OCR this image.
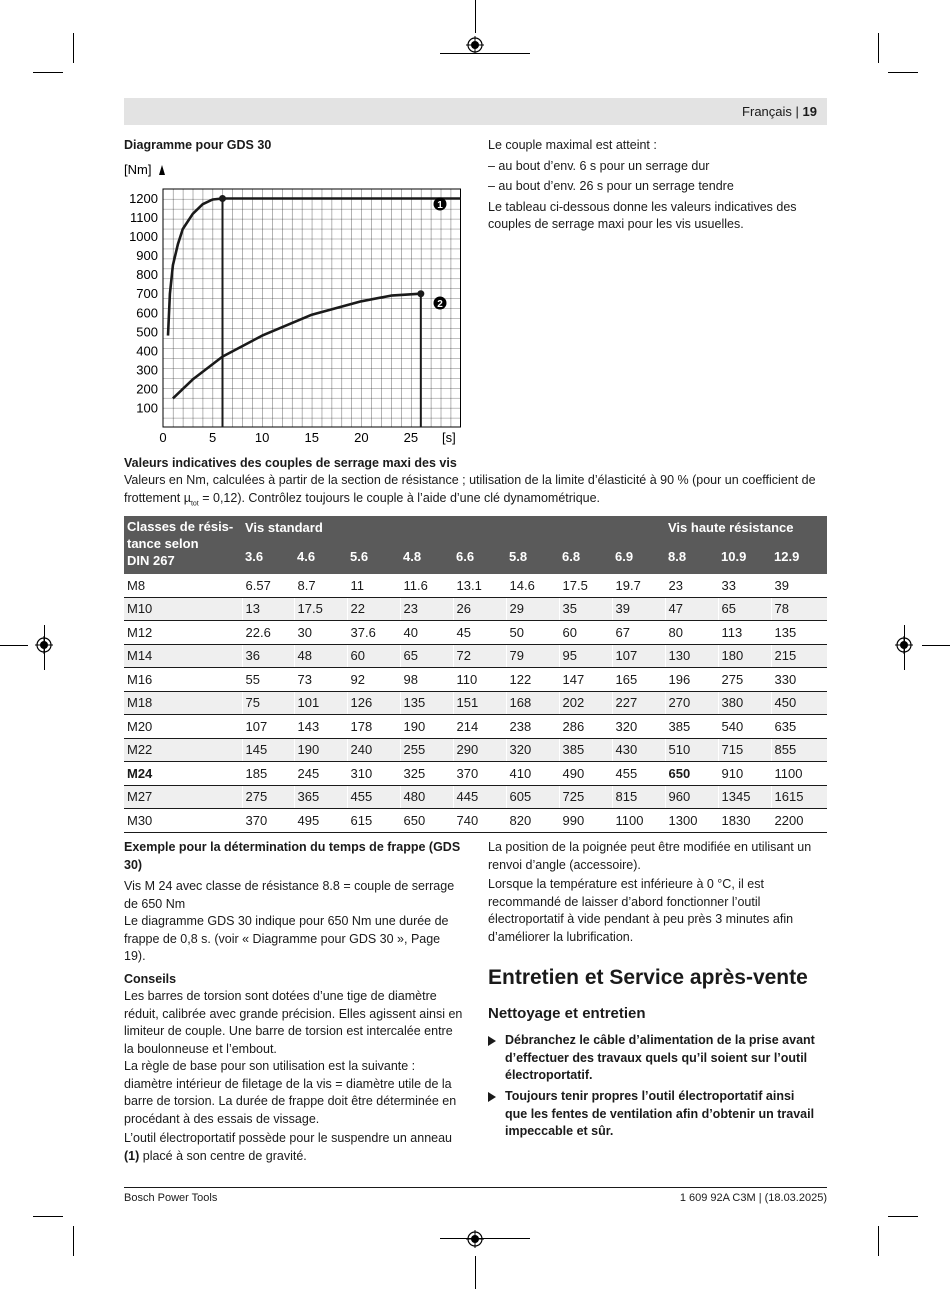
Français | 19
Diagramme pour GDS 30
1200
1100
1000
900
800
700
600
500
400
300
200
100
0	5	10	15	20	25
[Nm]
[s]
1
2
Le couple maximal est atteint :
– au bout d’env. 6 s pour un serrage dur
– au bout d’env. 26 s pour un serrage tendre
Le tableau ci-dessous donne les valeurs indicatives des couples de serrage maxi pour les vis usuelles.
Valeurs indicatives des couples de serrage maxi des vis
Valeurs en Nm, calculées à partir de la section de résistance ; utilisation de la limite d’élasticité à 90 % (pour un coefficient de
frottement µ$_{tot}$ = 0,12). Contrôlez toujours le couple à l’aide d’une clé dynamométrique.
Classes de résis-
tance selon
DIN 267	Vis standard								Vis haute résistance		
	3.6	4.6	5.6	4.8	6.6	5.8	6.8	6.9	8.8	10.9	12.9
M8	6.57	8.7	11	11.6	13.1	14.6	17.5	19.7	23	33	39
M10	13	17.5	22	23	26	29	35	39	47	65	78
M12	22.6	30	37.6	40	45	50	60	67	80	113	135
M14	36	48	60	65	72	79	95	107	130	180	215
M16	55	73	92	98	110	122	147	165	196	275	330
M18	75	101	126	135	151	168	202	227	270	380	450
M20	107	143	178	190	214	238	286	320	385	540	635
M22	145	190	240	255	290	320	385	430	510	715	855
M24	185	245	310	325	370	410	490	455	650	910	1100
M27	275	365	455	480	445	605	725	815	960	1345	1615
M30	370	495	615	650	740	820	990	1100	1300	1830	2200
Exemple pour la détermination du temps de frappe (GDS 30)
Vis M 24 avec classe de résistance 8.8 = couple de serrage de 650 Nm
Le diagramme GDS 30 indique pour 650 Nm une durée de frappe de 0,8 s. (voir « Diagramme pour GDS 30 », Page 19).
Conseils
Les barres de torsion sont dotées d’une tige de diamètre réduit, calibrée avec grande précision. Elles agissent ainsi en limiteur de couple. Une barre de torsion est intercalée entre la boulonneuse et l’embout.
La règle de base pour son utilisation est la suivante : diamètre intérieur de filetage de la vis = diamètre utile de la barre de torsion. La durée de frappe doit être déterminée en procédant à des essais de vissage.
L’outil électroportatif possède pour le suspendre un anneau (1) placé à son centre de gravité.
La position de la poignée peut être modifiée en utilisant un renvoi d’angle (accessoire).
Lorsque la température est inférieure à 0 °C, il est recommandé de laisser d’abord fonctionner l’outil électroportatif à vide pendant à peu près 3 minutes afin d’améliorer la lubrification.
Entretien et Service après-vente
Nettoyage et entretien
Débranchez le câble d’alimentation de la prise avant d’effectuer des travaux quels qu’il soient sur l’outil électroportatif.
Toujours tenir propres l’outil électroportatif ainsi que les fentes de ventilation afin d’obtenir un travail impeccable et sûr.
Bosch Power Tools	1 609 92A C3M | (18.03.2025)
